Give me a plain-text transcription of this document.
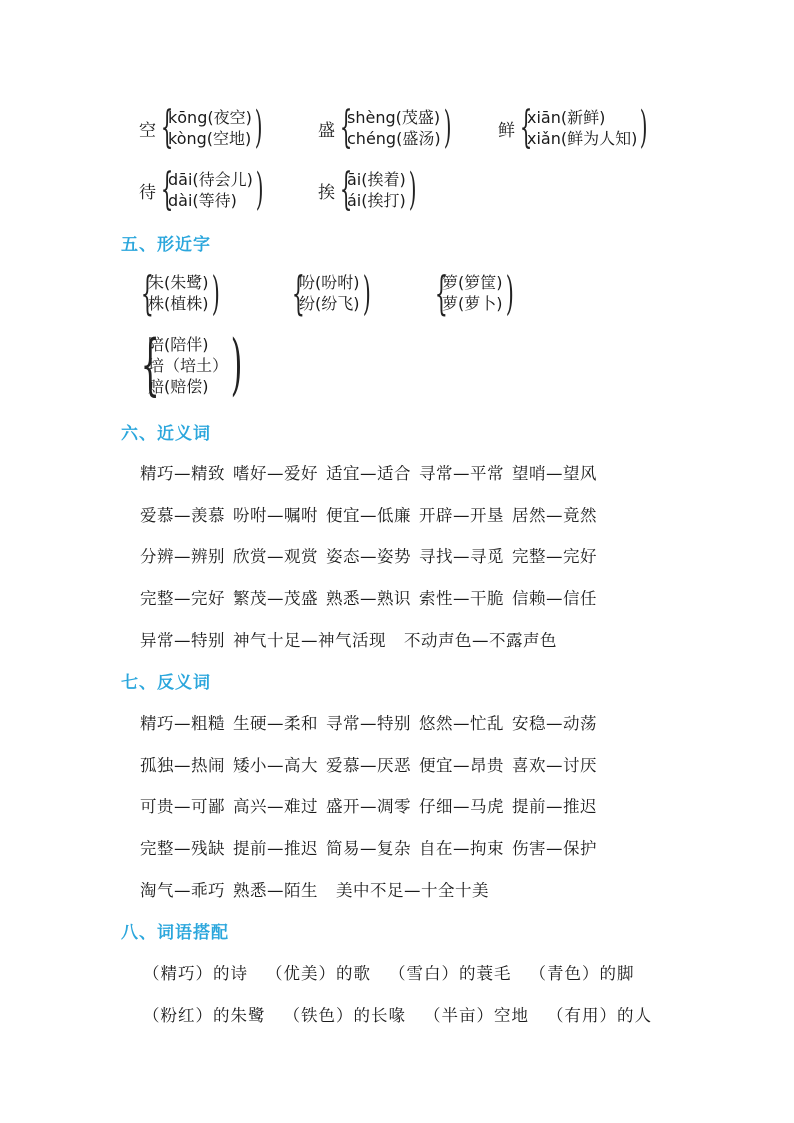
空 {
kōng(夜空)
kòng(空地) )	盛 {
shèng(茂盛)
chéng(盛汤) )	鲜 {
xiān(新鲜)
xiǎn(鲜为人知) )
待 {
dāi(待会儿)
dài(等待) )	挨 {
āi(挨着)
ái(挨打) )
五、形近字
{
朱(朱鹭)
株(植株) ) {
吩(吩咐)
纷(纷飞) ) {
箩(箩筐)
萝(萝卜) )
{
陪(陪伴)
培（培土）
赔(赔偿) )
六、近义词
精巧—精致 嗜好—爱好 适宜—适合 寻常—平常 望哨—望风
爱慕—羡慕 吩咐—嘱咐 便宜—低廉 开辟—开垦 居然—竟然
分辨—辨别 欣赏—观赏 姿态—姿势 寻找—寻觅 完整—完好
完整—完好 繁茂—茂盛 熟悉—熟识 索性—干脆 信赖—信任
异常—特别 神气十足—神气活现 不动声色—不露声色
七、反义词
精巧—粗糙 生硬—柔和 寻常—特别 悠然—忙乱 安稳—动荡
孤独—热闹 矮小—高大 爱慕—厌恶 便宜—昂贵 喜欢—讨厌
可贵—可鄙 高兴—难过 盛开—凋零 仔细—马虎 提前—推迟
完整—残缺 提前—推迟 简易—复杂 自在—拘束 伤害—保护
淘气—乖巧 熟悉—陌生 美中不足—十全十美
八、词语搭配
（精巧）的诗 （优美）的歌 （雪白）的蓑毛 （青色）的脚
（粉红）的朱鹭 （铁色）的长喙 （半亩）空地 （有用）的人
